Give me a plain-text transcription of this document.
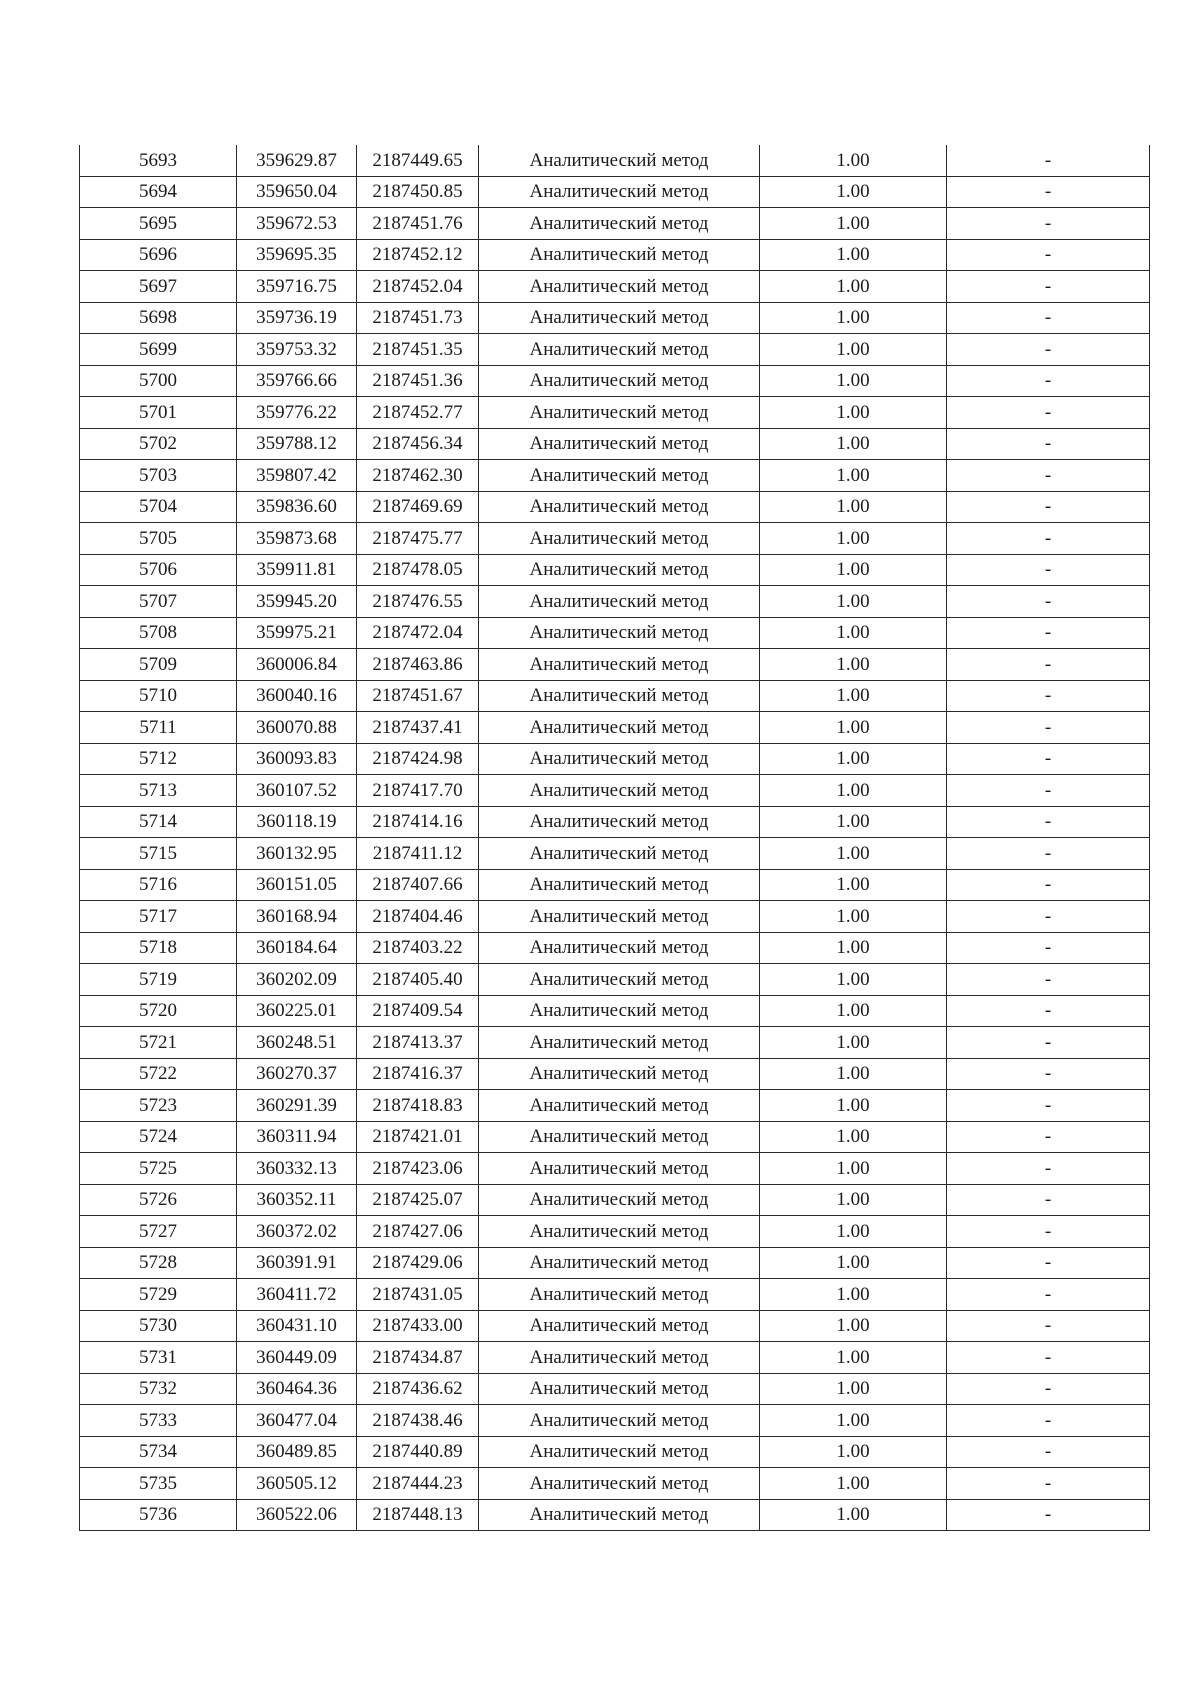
5693	359629.87	2187449.65	Аналитический метод	1.00	-
5694	359650.04	2187450.85	Аналитический метод	1.00	-
5695	359672.53	2187451.76	Аналитический метод	1.00	-
5696	359695.35	2187452.12	Аналитический метод	1.00	-
5697	359716.75	2187452.04	Аналитический метод	1.00	-
5698	359736.19	2187451.73	Аналитический метод	1.00	-
5699	359753.32	2187451.35	Аналитический метод	1.00	-
5700	359766.66	2187451.36	Аналитический метод	1.00	-
5701	359776.22	2187452.77	Аналитический метод	1.00	-
5702	359788.12	2187456.34	Аналитический метод	1.00	-
5703	359807.42	2187462.30	Аналитический метод	1.00	-
5704	359836.60	2187469.69	Аналитический метод	1.00	-
5705	359873.68	2187475.77	Аналитический метод	1.00	-
5706	359911.81	2187478.05	Аналитический метод	1.00	-
5707	359945.20	2187476.55	Аналитический метод	1.00	-
5708	359975.21	2187472.04	Аналитический метод	1.00	-
5709	360006.84	2187463.86	Аналитический метод	1.00	-
5710	360040.16	2187451.67	Аналитический метод	1.00	-
5711	360070.88	2187437.41	Аналитический метод	1.00	-
5712	360093.83	2187424.98	Аналитический метод	1.00	-
5713	360107.52	2187417.70	Аналитический метод	1.00	-
5714	360118.19	2187414.16	Аналитический метод	1.00	-
5715	360132.95	2187411.12	Аналитический метод	1.00	-
5716	360151.05	2187407.66	Аналитический метод	1.00	-
5717	360168.94	2187404.46	Аналитический метод	1.00	-
5718	360184.64	2187403.22	Аналитический метод	1.00	-
5719	360202.09	2187405.40	Аналитический метод	1.00	-
5720	360225.01	2187409.54	Аналитический метод	1.00	-
5721	360248.51	2187413.37	Аналитический метод	1.00	-
5722	360270.37	2187416.37	Аналитический метод	1.00	-
5723	360291.39	2187418.83	Аналитический метод	1.00	-
5724	360311.94	2187421.01	Аналитический метод	1.00	-
5725	360332.13	2187423.06	Аналитический метод	1.00	-
5726	360352.11	2187425.07	Аналитический метод	1.00	-
5727	360372.02	2187427.06	Аналитический метод	1.00	-
5728	360391.91	2187429.06	Аналитический метод	1.00	-
5729	360411.72	2187431.05	Аналитический метод	1.00	-
5730	360431.10	2187433.00	Аналитический метод	1.00	-
5731	360449.09	2187434.87	Аналитический метод	1.00	-
5732	360464.36	2187436.62	Аналитический метод	1.00	-
5733	360477.04	2187438.46	Аналитический метод	1.00	-
5734	360489.85	2187440.89	Аналитический метод	1.00	-
5735	360505.12	2187444.23	Аналитический метод	1.00	-
5736	360522.06	2187448.13	Аналитический метод	1.00	-
